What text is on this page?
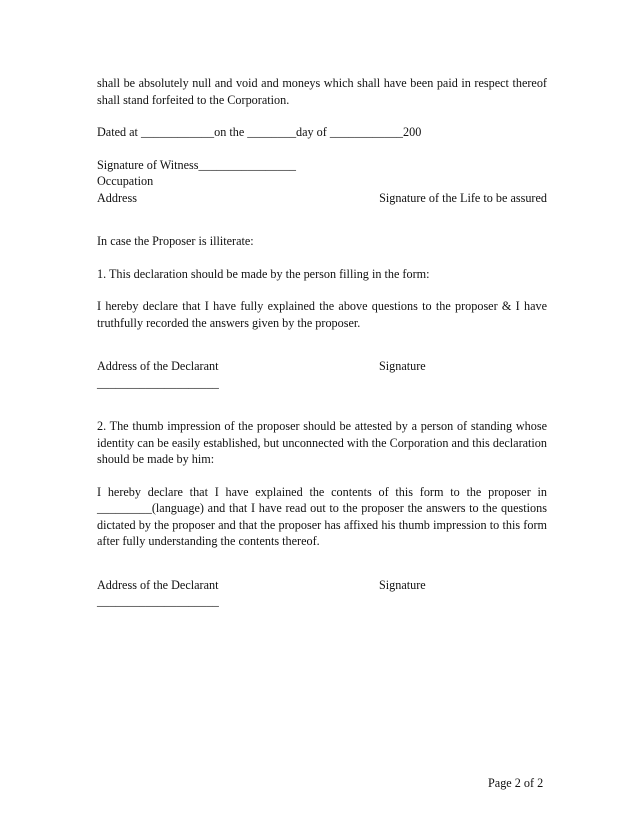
shall be absolutely null and void and moneys which shall have been paid in respect thereof shall stand forfeited to the Corporation.

Dated at ____________on the ________day of ____________200

Signature of Witness________________

Occupation

Address	Signature of the Life to be assured

In case the Proposer is illiterate:

1. This declaration should be made by the person filling in the form:

I hereby declare that I have fully explained the above questions to the proposer & I have truthfully recorded the answers given by the proposer.

Address of the Declarant	Signature

____________________

2. The thumb impression of the proposer should be attested by a person of standing whose identity can be easily established, but unconnected with the Corporation and this declaration should be made by him:

I hereby declare that I have explained the contents of this form to the proposer in _________(language) and that I have read out to the proposer the answers to the questions dictated by the proposer and that the proposer has affixed his thumb impression to this form after fully understanding the contents thereof.

Address of the Declarant	Signature

____________________

Page 2 of 2
